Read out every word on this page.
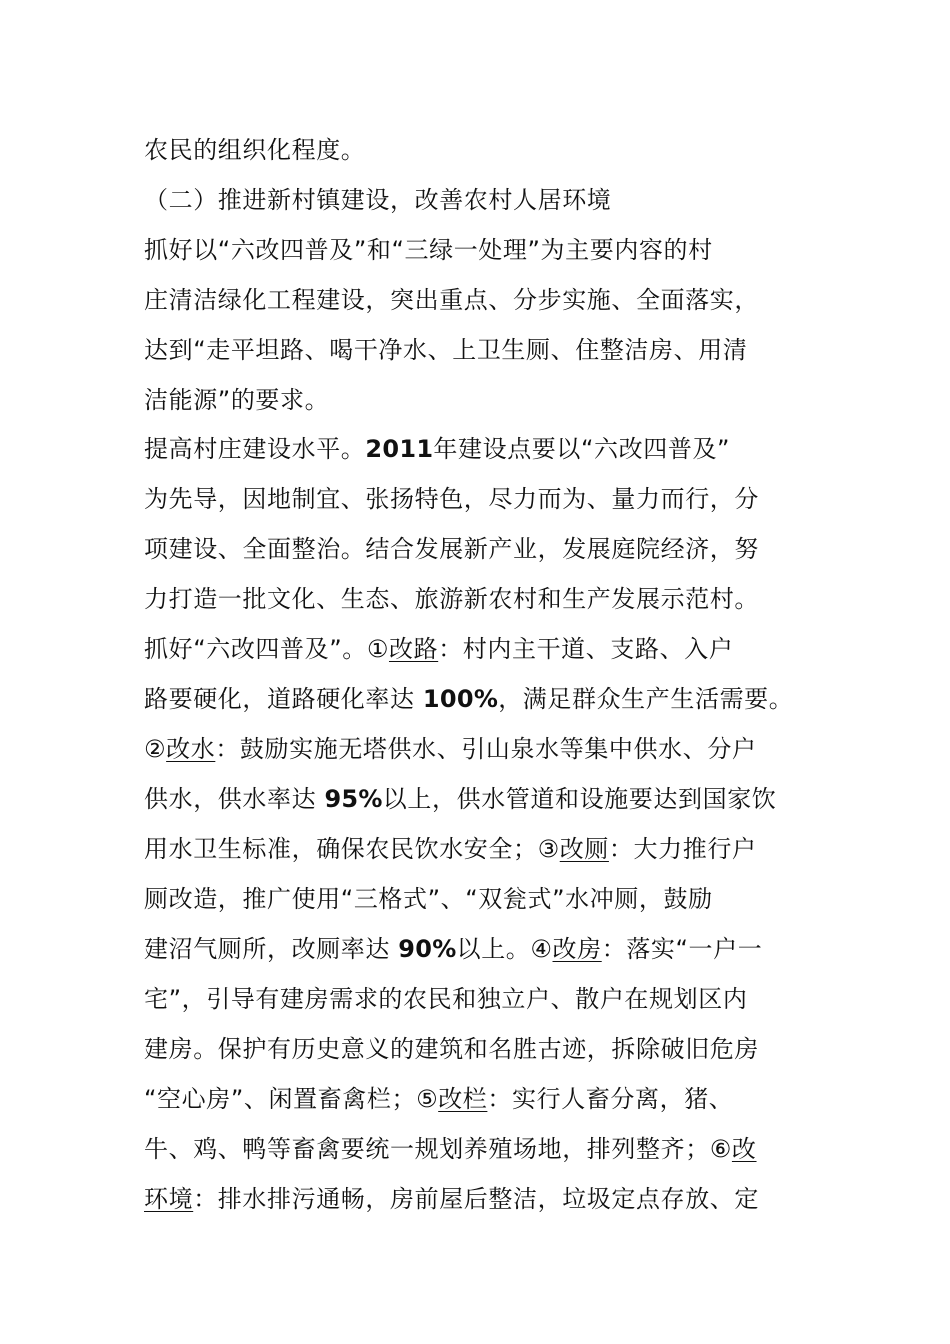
农民的组织化程度。
（二）推进新村镇建设，改善农村人居环境
抓好以“六改四普及”和“三绿一处理”为主要内容的村
庄清洁绿化工程建设，突出重点、分步实施、全面落实，
达到“走平坦路、喝干净水、上卫生厕、住整洁房、用清
洁能源”的要求。
提高村庄建设水平。2011年建设点要以“六改四普及”
为先导，因地制宜、张扬特色，尽力而为、量力而行，分
项建设、全面整治。结合发展新产业，发展庭院经济，努
力打造一批文化、生态、旅游新农村和生产发展示范村。
抓好“六改四普及”。①改路：村内主干道、支路、入户
路要硬化，道路硬化率达 100%，满足群众生产生活需要。
②改水：鼓励实施无塔供水、引山泉水等集中供水、分户
供水，供水率达 95%以上，供水管道和设施要达到国家饮
用水卫生标准，确保农民饮水安全；③改厕：大力推行户
厕改造，推广使用“三格式”、“双瓮式”水冲厕，鼓励
建沼气厕所，改厕率达 90%以上。④改房：落实“一户一
宅”，引导有建房需求的农民和独立户、散户在规划区内
建房。保护有历史意义的建筑和名胜古迹，拆除破旧危房
“空心房”、闲置畜禽栏；⑤改栏：实行人畜分离，猪、
牛、鸡、鸭等畜禽要统一规划养殖场地，排列整齐；⑥改
环境：排水排污通畅，房前屋后整洁，垃圾定点存放、定
